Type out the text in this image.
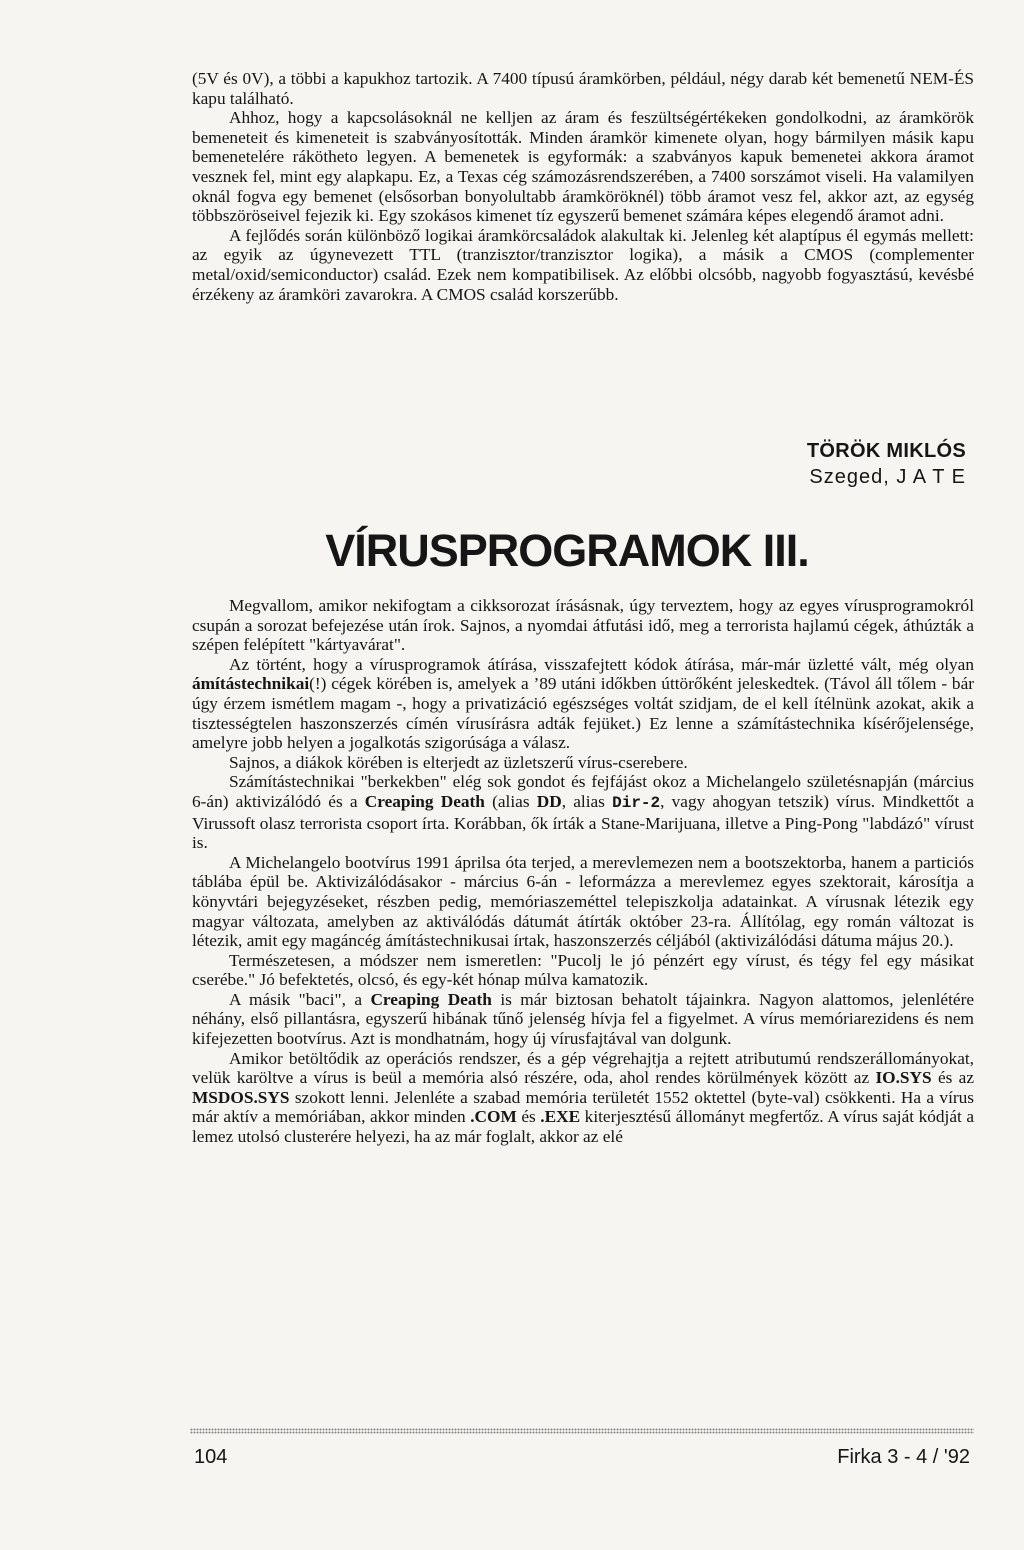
(5V és 0V), a többi a kapukhoz tartozik. A 7400 típusú áramkörben, például, négy darab két bemenetű NEM-ÉS kapu található.

Ahhoz, hogy a kapcsolásoknál ne kelljen az áram és feszültségértékeken gondolkodni, az áramkörök bemeneteit és kimeneteit is szabványosították. Minden áramkör kimenete olyan, hogy bármilyen másik kapu bemenetelére rákötheto legyen. A bemenetek is egyformák: a szabványos kapuk bemenetei akkora áramot vesznek fel, mint egy alapkapu. Ez, a Texas cég számozásrendszerében, a 7400 sorszámot viseli. Ha valamilyen oknál fogva egy bemenet (elsősorban bonyolultabb áramköröknél) több áramot vesz fel, akkor azt, az egység többszöröseivel fejezik ki. Egy szokásos kimenet tíz egyszerű bemenet számára képes elegendő áramot adni.

A fejlődés során különböző logikai áramkörcsaládok alakultak ki. Jelenleg két alaptípus él egymás mellett: az egyik az úgynevezett TTL (tranzisztor/tranzisztor logika), a másik a CMOS (complementer metal/oxid/semiconductor) család. Ezek nem kompatibilisek. Az előbbi olcsóbb, nagyobb fogyasztású, kevésbé érzékeny az áramköri zavarokra. A CMOS család korszerűbb.

TÖRÖK MIKLÓS
Szeged, J A T E
VÍRUSPROGRAMOK III.

Megvallom, amikor nekifogtam a cikksorozat írásásnak, úgy terveztem, hogy az egyes vírusprogramokról csupán a sorozat befejezése után írok. Sajnos, a nyomdai átfutási idő, meg a terrorista hajlamú cégek, áthúzták a szépen felépített "kártyavárat".

Az történt, hogy a vírusprogramok átírása, visszafejtett kódok átírása, már-már üzletté vált, még olyan ámítástechnikai(!) cégek körében is, amelyek a ’89 utáni időkben úttörőként jeleskedtek. (Távol áll tőlem - bár úgy érzem ismétlem magam -, hogy a privatizáció egészséges voltát szidjam, de el kell ítélnünk azokat, akik a tisztességtelen haszonszerzés címén vírusírásra adták fejüket.) Ez lenne a számítástechnika kísérőjelensége, amelyre jobb helyen a jogalkotás szigorúsága a válasz.

Sajnos, a diákok körében is elterjedt az üzletszerű vírus-cserebere.

Számítástechnikai "berkekben" elég sok gondot és fejfájást okoz a Michelangelo születésnapján (március 6-án) aktivizálódó és a Creaping Death (alias DD, alias Dir-2, vagy ahogyan tetszik) vírus. Mindkettőt a Virussoft olasz terrorista csoport írta. Korábban, ők írták a Stane-Marijuana, illetve a Ping-Pong "labdázó" vírust is.

A Michelangelo bootvírus 1991 áprilsa óta terjed, a merevlemezen nem a bootszektorba, hanem a particiós táblába épül be. Aktivizálódásakor - március 6-án - leformázza a merevlemez egyes szektorait, károsítja a könyvtári bejegyzéseket, részben pedig, memóriaszeméttel telepiszkolja adatainkat. A vírusnak létezik egy magyar változata, amelyben az aktiválódás dátumát átírták október 23-ra. Állítólag, egy román változat is létezik, amit egy magáncég ámítástechnikusai írtak, haszonszerzés céljából (aktivizálódási dátuma május 20.).

Természetesen, a módszer nem ismeretlen: "Pucolj le jó pénzért egy vírust, és tégy fel egy másikat cserébe." Jó befektetés, olcsó, és egy-két hónap múlva kamatozik.

A másik "baci", a Creaping Death is már biztosan behatolt tájainkra. Nagyon alattomos, jelenlétére néhány, első pillantásra, egyszerű hibának tűnő jelenség hívja fel a figyelmet. A vírus memóriarezidens és nem kifejezetten bootvírus. Azt is mondhatnám, hogy új vírusfajtával van dolgunk.

Amikor betöltődik az operációs rendszer, és a gép végrehajtja a rejtett atributumú rendszerállományokat, velük karöltve a vírus is beül a memória alsó részére, oda, ahol rendes körülmények között az IO.SYS és az MSDOS.SYS szokott lenni. Jelenléte a szabad memória területét 1552 oktettel (byte-val) csökkenti. Ha a vírus már aktív a memóriában, akkor minden .COM és .EXE kiterjesztésű állományt megfertőz. A vírus saját kódját a lemez utolsó clusterére helyezi, ha az már foglalt, akkor az elé

104	Firka 3 - 4 / '92
